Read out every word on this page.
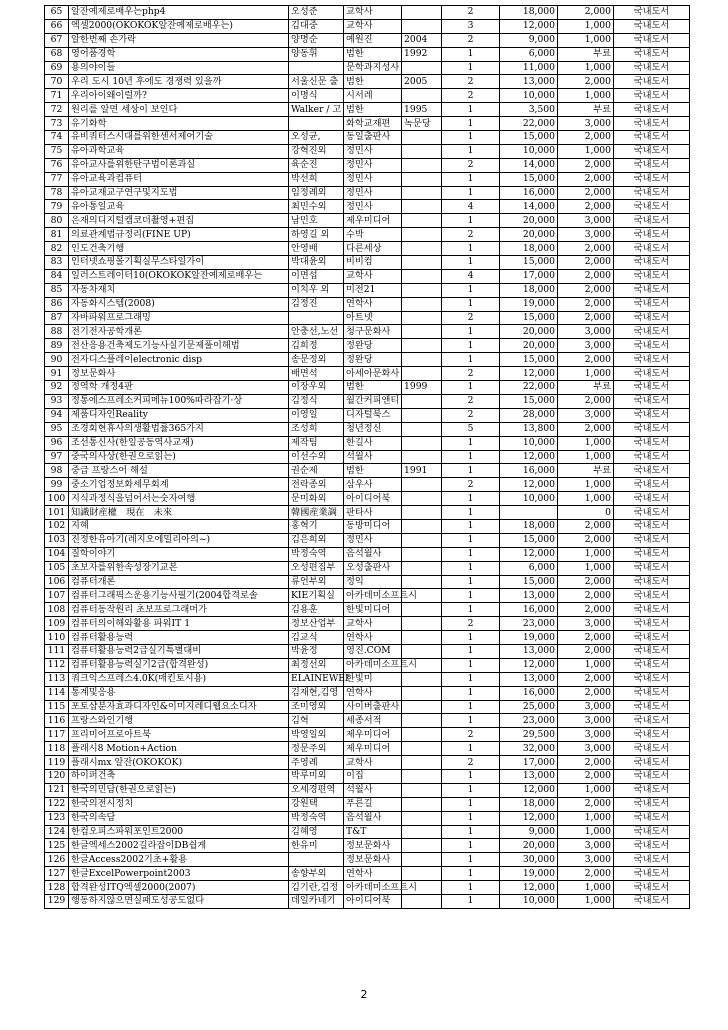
65	알잔예제로배우는php4	오성준	교학사		2	18,000	2,000	국내도서
66	엑셀2000(OKOKOK알잔예제로배우는)	김대중	교학사		3	12,000	1,000	국내도서
67	알한번째 손가락	양명순	예원진	2004	2	9,000	1,000	국내도서
68	영어품경학	양동휘	범한	1992	1	6,000	부료	국내도서
69	용의야이들		문학과지성사		1	11,000	1,000	국내도서
70	우리 도시 10년 후에도 경쟁력 있을까	서울신문 출	범한	2005	2	13,000	2,000	국내도서
71	우리아이왜이럴까?	이명식	시서레		2	10,000	1,000	국내도서
72	원리를 알면 세상이 보인다	Walker / 고	범한	1995	1	3,500	부료	국내도서
73	유기화학		화학교재편	녹문당	1	22,000	3,000	국내도서
74	유비쿼터스시대를위한센서제어기술	오성균,	동일출판사		1	15,000	2,000	국내도서
75	유아과학교육	강혁진외	정민사		1	10,000	1,000	국내도서
76	유아교사를위한탄구법이론과실	육순진	정민사		2	14,000	2,000	국내도서
77	유아교육과컴퓨터	박선희	정민사		1	15,000	2,000	국내도서
78	유아교재교구연구및지도법	임정례외	정민사		1	16,000	2,000	국내도서
79	유아통일교육	최민수외	정민사		4	14,000	2,000	국내도서
80	은재의디지털캠코더촬영+편집	남민호	제우미디어		1	20,000	3,000	국내도서
81	의료관계법규정리(FINE UP)	하영길 외	수박		2	20,000	3,000	국내도서
82	인도건축기행	안영배	다른세상		1	18,000	2,000	국내도서
83	인터넷쇼핑몰기획실무스타일가이	박대윤외	비비컴		1	15,000	2,000	국내도서
84	일러스트레이터10(OKOKOK알잔예제로배우는	이면섭	교학사		4	17,000	2,000	국내도서
85	자동차재치	이치우 외	미전21		1	18,000	2,000	국내도서
86	자동화시스템(2008)	김정진	연학사		1	19,000	2,000	국내도서
87	자바파워프로그래밍		아트넷		2	15,000	2,000	국내도서
88	전기전자공학개론	안충선,노선	청구문화사		1	20,000	3,000	국내도서
89	전산응용건축제도기능사실기문제풀이해법	김희정	정완당		1	20,000	3,000	국내도서
90	전자디스플레이electronic disp	송문정외	정완당		1	15,000	2,000	국내도서
91	정보문화사	배면석	아세아문화사		2	12,000	1,000	국내도서
92	정역학 개정4판	이장우외	범한	1999	1	22,000	부료	국내도서
93	정통에스프레소커피메뉴100%따라잡기·상	김정식	월간커피앤티		2	15,000	2,000	국내도서
94	제품디자인Reality	이영일	디자털북스		2	28,000	3,000	국내도서
95	조경회현휴사의생활법률365가지	조성희	청년정신		5	13,800	2,000	국내도서
96	조선통신사(한일공동역사교재)	제작팀	한길사		1	10,000	1,000	국내도서
97	중국의사상(한권으로읽는)	이선수외	석월사		1	12,000	1,000	국내도서
98	중급 프랑스어 해설	권순제	범한	1991	1	16,000	부료	국내도서
99	중소기업정보화세무회계	전락종외	삼우사		2	12,000	1,000	국내도서
100	지식과정식을넘어서는숫자여행	문미화외	아이디어북		1	10,000	1,000	국내도서
101	知識財産權　現在　未來	韓國産業調	판타사		1		0	국내도서
102	지혜	홍혁기	동방미디어		1	18,000	2,000	국내도서
103	진정한유아기(레지오에밀리아의~)	김은희외	정민사		1	15,000	2,000	국내도서
104	질학이야기	박정숙역	음석월사		1	12,000	1,000	국내도서
105	초보자를위한속성장기교본	오성편집부	오성출판사		1	6,000	1,000	국내도서
106	컴퓨터개론	류언부외	정익		1	15,000	2,000	국내도서
107	컴퓨터그래픽스운용기능사필기(2004합격로솔	KIE기획실	아카데미소프트시		1	13,000	2,000	국내도서
108	컴퓨터동작원리 초보프로그래머가	김용훈	한빛미디어		1	16,000	2,000	국내도서
109	컴퓨터의이해와활용 파워IT 1	정보산업부	교학사		2	23,000	3,000	국내도서
110	컴퓨터활용능력	김교식	연학사		1	19,000	2,000	국내도서
111	컴퓨터활용능력2급실기특별대비	박윤정	영진.COM		1	13,000	2,000	국내도서
112	컴퓨터활용능력실기2급(합격완성)	최정선외	아카데미소프트시		1	12,000	1,000	국내도서
113	쿼크익스프레스4.0K(매킨토시용)	ELAINEWEI	한빛미		1	13,000	2,000	국내도서
114	통계및응용	김재현,김영	연학사		1	16,000	2,000	국내도서
115	포토샵분자효과디자인&이미지레디웹요소디자	조미영외	사이버출판사		1	25,000	3,000	국내도서
116	프랑스와인기행	김혁	세종서적		1	23,000	3,000	국내도서
117	프리미어프로아트북	박영일외	제우미디어		2	29,500	3,000	국내도서
118	플래시8 Motion+Action	정문주외	제우미디어		1	32,000	3,000	국내도서
119	플래시mx 알잔(OKOKOK)	주영례	교학사		2	17,000	2,000	국내도서
120	하이퍼건축	박루미외	이집		1	13,000	2,000	국내도서
121	한국의민담(한권으로읽는)	오세경편역	석월사		1	12,000	1,000	국내도서
122	한국의전시정치	강원택	푸른길		1	18,000	2,000	국내도서
123	한국의속담	박정숙역	음석월사		1	12,000	1,000	국내도서
124	한컴오피스파워포인트2000	김혜영	T&T		1	9,000	1,000	국내도서
125	한글엑세스2002길라잡이DB쉽게	한유미	정보문화사		1	20,000	3,000	국내도서
126	한글Access2002기초+활용		정보문화사		1	30,000	3,000	국내도서
127	한글ExcelPowerpoint2003	송향부외	연학사		1	19,000	2,000	국내도서
128	합격완성ITQ엑셀2000(2007)	김기란,김정	아카데미소프트시		1	12,000	1,000	국내도서
129	행동하지않으면실패도성공도없다	데일카네기	아이디어북		1	10,000	1,000	국내도서
2
